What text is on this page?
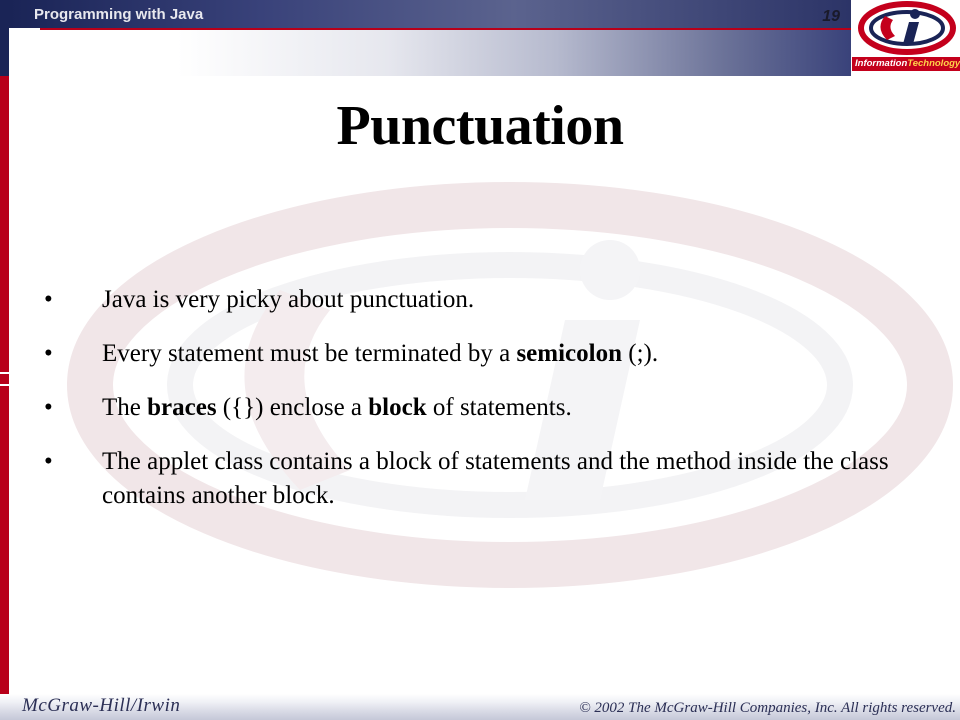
Programming with Java	19
InformationTechnology
Punctuation
• Java is very picky about punctuation.
• Every statement must be terminated by a semicolon (;).
• The braces ({}) enclose a block of statements.
• The applet class contains a block of statements and the method inside the class contains another block.
McGraw-Hill/Irwin	© 2002 The McGraw-Hill Companies, Inc. All rights reserved.
